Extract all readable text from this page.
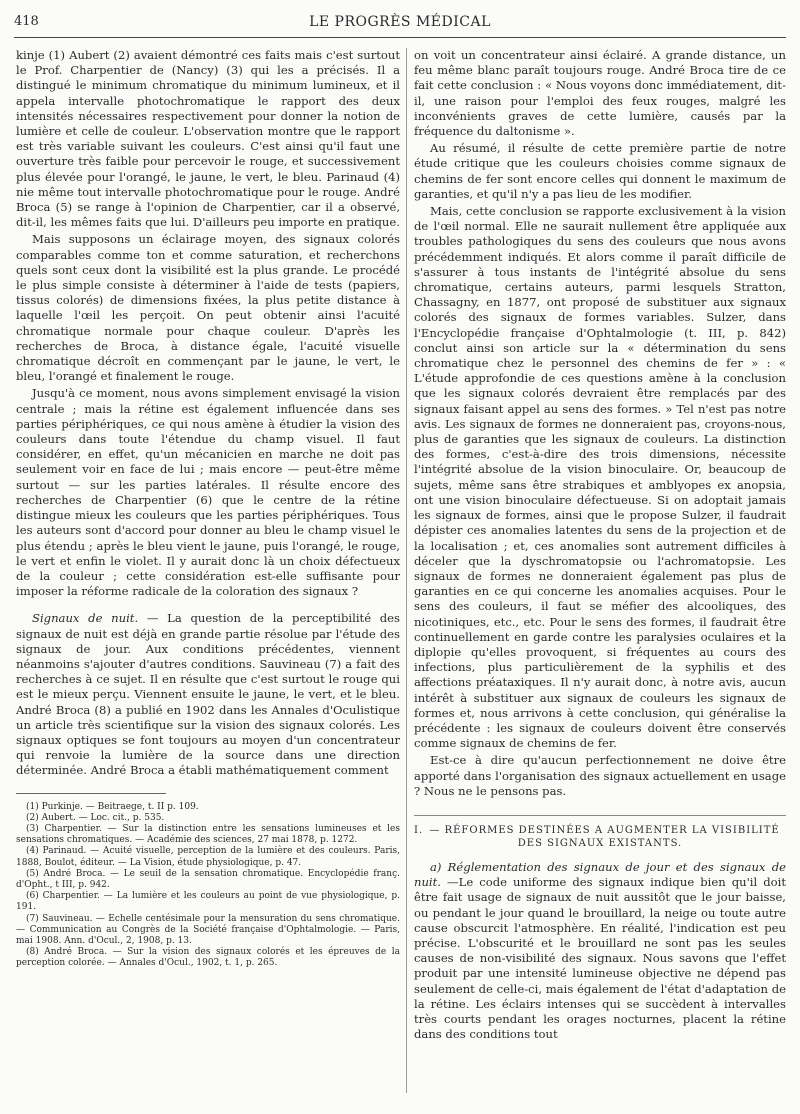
418	LE PROGRÈS MÉDICAL

kinje (1) Aubert (2) avaient démontré ces faits mais c'est surtout le Prof. Charpentier de (Nancy) (3) qui les a précisés. Il a distingué le minimum chromatique du minimum lumineux, et il appela intervalle photochromatique le rapport des deux intensités nécessaires respectivement pour donner la notion de lumière et celle de couleur. L'observation montre que le rapport est très variable suivant les couleurs. C'est ainsi qu'il faut une ouverture très faible pour percevoir le rouge, et successivement plus élevée pour l'orangé, le jaune, le vert, le bleu. Parinaud (4) nie même tout intervalle photochromatique pour le rouge. André Broca (5) se range à l'opinion de Charpentier, car il a observé, dit-il, les mêmes faits que lui. D'ailleurs peu importe en pratique.

Mais supposons un éclairage moyen, des signaux colorés comparables comme ton et comme saturation, et recherchons quels sont ceux dont la visibilité est la plus grande. Le procédé le plus simple consiste à déterminer à l'aide de tests (papiers, tissus colorés) de dimensions fixées, la plus petite distance à laquelle l'œil les perçoit. On peut obtenir ainsi l'acuité chromatique normale pour chaque couleur. D'après les recherches de Broca, à distance égale, l'acuité visuelle chromatique décroît en commençant par le jaune, le vert, le bleu, l'orangé et finalement le rouge.

Jusqu'à ce moment, nous avons simplement envisagé la vision centrale ; mais la rétine est également influencée dans ses parties périphériques, ce qui nous amène à étudier la vision des couleurs dans toute l'étendue du champ visuel. Il faut considérer, en effet, qu'un mécanicien en marche ne doit pas seulement voir en face de lui ; mais encore — peut-être même surtout — sur les parties latérales. Il résulte encore des recherches de Charpentier (6) que le centre de la rétine distingue mieux les couleurs que les parties périphériques. Tous les auteurs sont d'accord pour donner au bleu le champ visuel le plus étendu ; après le bleu vient le jaune, puis l'orangé, le rouge, le vert et enfin le violet. Il y aurait donc là un choix défectueux de la couleur ; cette considération est-elle suffisante pour imposer la réforme radicale de la coloration des signaux ?

Signaux de nuit. — La question de la perceptibilité des signaux de nuit est déjà en grande partie résolue par l'étude des signaux de jour. Aux conditions précédentes, viennent néanmoins s'ajouter d'autres conditions. Sauvineau (7) a fait des recherches à ce sujet. Il en résulte que c'est surtout le rouge qui est le mieux perçu. Viennent ensuite le jaune, le vert, et le bleu. André Broca (8) a publié en 1902 dans les Annales d'Oculistique un article très scientifique sur la vision des signaux colorés. Les signaux optiques se font toujours au moyen d'un concentrateur qui renvoie la lumière de la source dans une direction déterminée. André Broca a établi mathématiquement comment

(1) Purkinje. — Beitraege, t. II p. 109.
(2) Aubert. — Loc. cit., p. 535.
(3) Charpentier. — Sur la distinction entre les sensations lumineuses et les sensations chromatiques. — Académie des sciences, 27 mai 1878, p. 1272.
(4) Parinaud. — Acuité visuelle, perception de la lumière et des couleurs. Paris, 1888, Boulot, éditeur. — La Vision, étude physiologique, p. 47.
(5) André Broca. — Le seuil de la sensation chromatique. Encyclopédie franç. d'Opht., t III, p. 942.
(6) Charpentier. — La lumière et les couleurs au point de vue physiologique, p. 191.
(7) Sauvineau. — Echelle centésimale pour la mensuration du sens chromatique. — Communication au Congrès de la Société française d'Ophtalmologie. — Paris, mai 1908. Ann. d'Ocul., 2, 1908, p. 13.
(8) André Broca. — Sur la vision des signaux colorés et les épreuves de la perception colorée. — Annales d'Ocul., 1902, t. 1, p. 265.

on voit un concentrateur ainsi éclairé. A grande distance, un feu même blanc paraît toujours rouge. André Broca tire de ce fait cette conclusion : « Nous voyons donc immédiatement, dit-il, une raison pour l'emploi des feux rouges, malgré les inconvénients graves de cette lumière, causés par la fréquence du daltonisme ».

Au résumé, il résulte de cette première partie de notre étude critique que les couleurs choisies comme signaux de chemins de fer sont encore celles qui donnent le maximum de garanties, et qu'il n'y a pas lieu de les modifier.

Mais, cette conclusion se rapporte exclusivement à la vision de l'œil normal. Elle ne saurait nullement être appliquée aux troubles pathologiques du sens des couleurs que nous avons précédemment indiqués. Et alors comme il paraît difficile de s'assurer à tous instants de l'intégrité absolue du sens chromatique, certains auteurs, parmi lesquels Stratton, Chassagny, en 1877, ont proposé de substituer aux signaux colorés des signaux de formes variables. Sulzer, dans l'Encyclopédie française d'Ophtalmologie (t. III, p. 842) conclut ainsi son article sur la « détermination du sens chromatique chez le personnel des chemins de fer » : « L'étude approfondie de ces questions amène à la conclusion que les signaux colorés devraient être remplacés par des signaux faisant appel au sens des formes. » Tel n'est pas notre avis. Les signaux de formes ne donneraient pas, croyons-nous, plus de garanties que les signaux de couleurs. La distinction des formes, c'est-à-dire des trois dimensions, nécessite l'intégrité absolue de la vision binoculaire. Or, beaucoup de sujets, même sans être strabiques et amblyopes ex anopsia, ont une vision binoculaire défectueuse. Si on adoptait jamais les signaux de formes, ainsi que le propose Sulzer, il faudrait dépister ces anomalies latentes du sens de la projection et de la localisation ; et, ces anomalies sont autrement difficiles à déceler que la dyschromatopsie ou l'achromatopsie. Les signaux de formes ne donneraient également pas plus de garanties en ce qui concerne les anomalies acquises. Pour le sens des couleurs, il faut se méfier des alcooliques, des nicotiniques, etc., etc. Pour le sens des formes, il faudrait être continuellement en garde contre les paralysies oculaires et la diplopie qu'elles provoquent, si fréquentes au cours des infections, plus particulièrement de la syphilis et des affections préataxiques. Il n'y aurait donc, à notre avis, aucun intérêt à substituer aux signaux de couleurs les signaux de formes et, nous arrivons à cette conclusion, qui généralise la précédente : les signaux de couleurs doivent être conservés comme signaux de chemins de fer.

Est-ce à dire qu'aucun perfectionnement ne doive être apporté dans l'organisation des signaux actuellement en usage ? Nous ne le pensons pas.

I. — RÉFORMES DESTINÉES A AUGMENTER LA VISIBILITÉ DES SIGNAUX EXISTANTS.

a) Réglementation des signaux de jour et des signaux de nuit. —Le code uniforme des signaux indique bien qu'il doit être fait usage de signaux de nuit aussitôt que le jour baisse, ou pendant le jour quand le brouillard, la neige ou toute autre cause obscurcit l'atmosphère. En réalité, l'indication est peu précise. L'obscurité et le brouillard ne sont pas les seules causes de non-visibilité des signaux. Nous savons que l'effet produit par une intensité lumineuse objective ne dépend pas seulement de celle-ci, mais également de l'état d'adaptation de la rétine. Les éclairs intenses qui se succèdent à intervalles très courts pendant les orages nocturnes, placent la rétine dans des conditions tout
